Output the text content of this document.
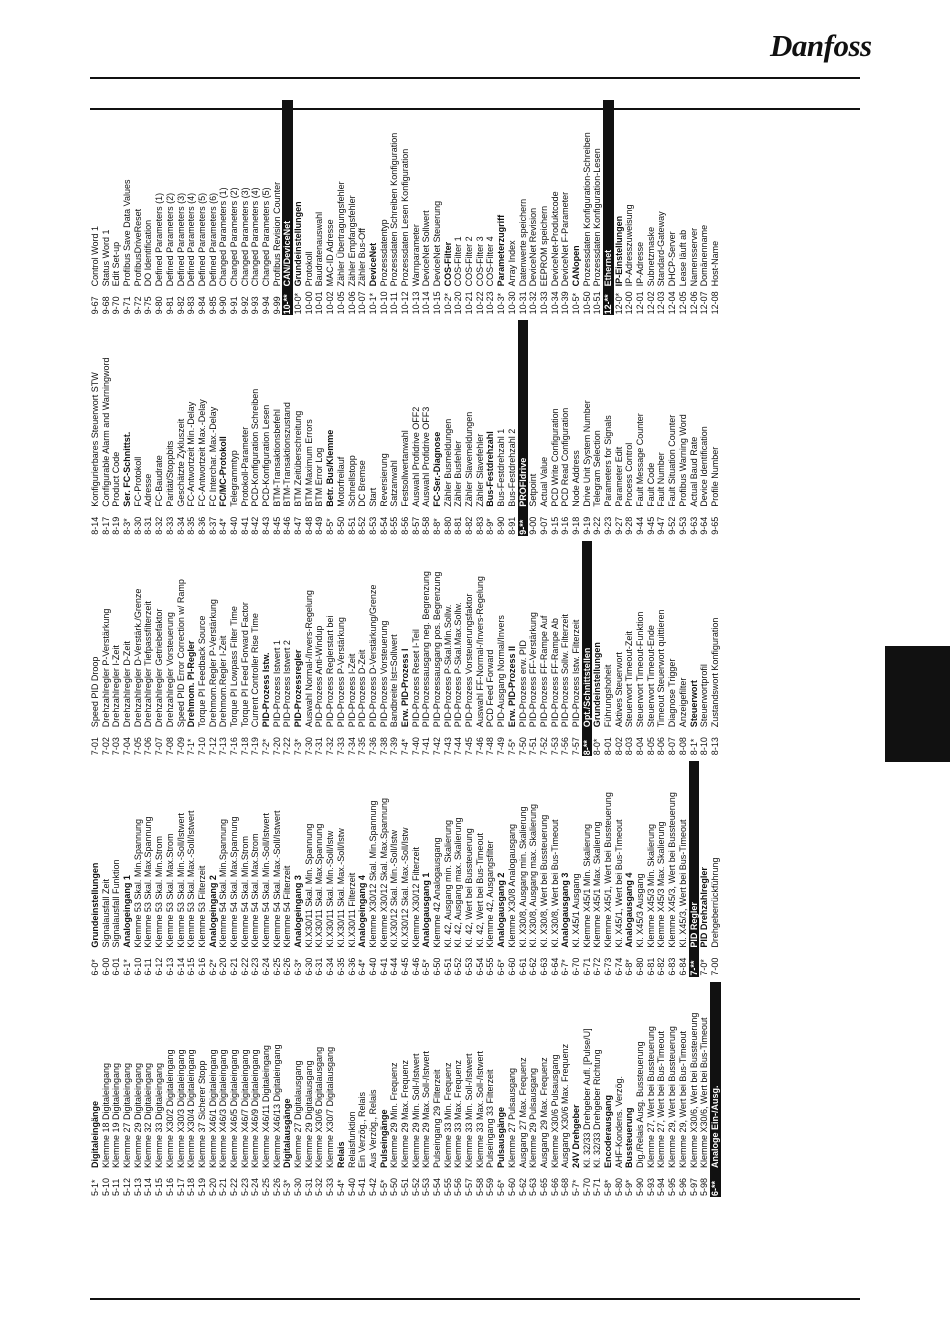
Danfoss
5-1*
Digitaleingänge
5-10
Klemme 18 Digitaleingang
5-11
Klemme 19 Digitaleingang
5-12
Klemme 27 Digitaleingang
5-13
Klemme 29 Digitaleingang
5-14
Klemme 32 Digitaleingang
5-15
Klemme 33 Digitaleingang
5-16
Klemme X30/2 Digitaleingang
5-17
Klemme X30/3 Digitaleingang
5-18
Klemme X30/4 Digitaleingang
5-19
Klemme 37 Sicherer Stopp
5-20
Klemme X46/1 Digitaleingang
5-21
Klemme X46/3 Digitaleingang
5-22
Klemme X46/5 Digitaleingang
5-23
Klemme X46/7 Digitaleingang
5-24
Klemme X46/9 Digitaleingang
5-25
Klemme X46/11 Digitaleingang
5-26
Klemme X46/13 Digitaleingang
5-3*
Digitalausgänge
5-30
Klemme 27 Digitalausgang
5-31
Klemme 29 Digitalausgang
5-32
Klemme X30/6 Digitalausgang
5-33
Klemme X30/7 Digitalausgang
5-4*
Relais
5-40
Relaisfunktion
5-41
Ein Verzög., Relais
5-42
Aus Verzög., Relais
5-5*
Pulseingänge
5-50
Klemme 29 Min. Frequenz
5-51
Klemme 29 Max. Frequenz
5-52
Klemme 29 Min. Soll-/Istwert
5-53
Klemme 29 Max. Soll-/Istwert
5-54
Pulseingang 29 Filterzeit
5-55
Klemme 33 Min. Frequenz
5-56
Klemme 33 Max. Frequenz
5-57
Klemme 33 Min. Soll-/Istwert
5-58
Klemme 33 Max. Soll-/Istwert
5-59
Pulseingang 33 Filterzeit
5-6*
Pulsausgänge
5-60
Klemme 27 Pulsausgang
5-62
Ausgang 27 Max. Frequenz
5-63
Klemme 29 Pulsausgang
5-65
Ausgang 29 Max. Frequenz
5-66
Klemme X30/6 Pulsausgang
5-68
Ausgang X30/6 Max. Frequenz
5-7*
24V Drehgeber
5-70
Kl. 32/33 Drehgeber Aufl. [Pulse/U]
5-71
Kl. 32/33 Drehgeber Richtung
5-8*
Encoderausgang
5-80
AHF-Kondens. Verzög.
5-9*
Bussteuerung
5-90
Dig./Relais Ausg. Bussteuerung
5-93
Klemme 27, Wert bei Bussteuerung
5-94
Klemme 27, Wert bei Bus-Timeout
5-95
Klemme 29, Wert bei Bussteuerung
5-96
Klemme 29, Wert bei Bus-Timeout
5-97
Klemme X30/6, Wert bei Bussteuerung
5-98
Klemme X30/6, Wert bei Bus-Timeout
6-**
Analoge Ein-/Ausg.
6-0*
Grundeinstellungen
6-00
Signalausfall Zeit
6-01
Signalausfall Funktion
6-1*
Analogeingang 1
6-10
Klemme 53 Skal. Min.Spannung
6-11
Klemme 53 Skal. Max.Spannung
6-12
Klemme 53 Skal. Min.Strom
6-13
Klemme 53 Skal. Max.Strom
6-14
Klemme 53 Skal. Min.-Soll/Istwert
6-15
Klemme 53 Skal. Max.-Soll/Istwert
6-16
Klemme 53 Filterzeit
6-2*
Analogeingang 2
6-20
Klemme 54 Skal. Min.Spannung
6-21
Klemme 54 Skal. Max.Spannung
6-22
Klemme 54 Skal. Min.Strom
6-23
Klemme 54 Skal. Max.Strom
6-24
Klemme 54 Skal. Min.-Soll/Istwert
6-25
Klemme 54 Skal. Max.-Soll/Istwert
6-26
Klemme 54 Filterzeit
6-3*
Analogeingang 3
6-30
Kl.X30/11 Skal. Min. Spannung
6-31
Kl.X30/11 Skal. Max.Spannung
6-34
Kl.X30/11 Skal. Min.-Soll/Istw
6-35
Kl.X30/11 Skal. Max.-Soll/Istw
6-36
Kl.X30/11 Filterzeit
6-4*
Analogeingang 4
6-40
Klemme X30/12 Skal. Min.Spannung
6-41
Klemme X30/12 Skal. Max.Spannung
6-44
Kl.X30/12 Skal. Min.-Soll/Istw
6-45
Kl.X30/12 Skal. Max.-Soll/Istw
6-46
Klemme X30/12 Filterzeit
6-5*
Analogausgang 1
6-50
Klemme 42 Analogausgang
6-51
Kl. 42, Ausgang min. Skalierung
6-52
Kl. 42, Ausgang max. Skalierung
6-53
Kl. 42, Wert bei Bussteuerung
6-54
Kl. 42, Wert bei Bus-Timeout
6-55
Klemme 42, Ausgangsfilter
6-6*
Analogausgang 2
6-60
Klemme X30/8 Analogausgang
6-61
Kl. X30/8, Ausgang min. Skalierung
6-62
Kl. X30/8, Ausgang max. Skalierung
6-63
Kl. X30/8, Wert bei Bussteuerung
6-64
Kl. X30/8, Wert bei Bus-Timeout
6-7*
Analogausgang 3
6-70
Kl. X45/1 Ausgang
6-71
Klemme X45/1 Min. Skalierung
6-72
Klemme X45/1 Max. Skalierung
6-73
Klemme X45/1, Wert bei Bussteuerung
6-74
Kl. X45/1, Wert bei Bus-Timeout
6-8*
Analogausgang 4
6-80
Kl. X45/3 Ausgang
6-81
Klemme X45/3 Min. Skalierung
6-82
Klemme X45/3 Max. Skalierung
6-83
Klemme X45/3, Wert bei Bussteuerung
6-84
Kl. X45/3, Wert bei Bus-Timeout
7-**
PID Regler
7-0*
PID Drehzahlregler
7-00
Drehgeberrückführung
7-01
Speed PID Droop
7-02
Drehzahlregler P-Verstärkung
7-03
Drehzahlregler I-Zeit
7-04
Drehzahlregler D-Zeit
7-05
Drehzahlregler D-Verstärk./Grenze
7-06
Drehzahlregler Tiefpassfilterzeit
7-07
Drehzahlregler Getriebefaktor
7-08
Drehzahlregler Vorsteuerung
7-09
Speed PID Error Correction w/ Ramp
7-1*
Drehmom. PI-Regler
7-10
Torque PI Feedback Source
7-12
Drehmom.Regler P-Verstärkung
7-13
Drehmom.Regler I-Zeit
7-16
Torque PI Lowpass Filter Time
7-18
Torque PI Feed Forward Factor
7-19
Current Controller Rise Time
7-2*
PID-Prozess Istw.
7-20
PID-Prozess Istwert 1
7-22
PID-Prozess Istwert 2
7-3*
PID-Prozessregler
7-30
Auswahl Normal-/Invers-Regelung
7-31
PID-Prozess Anti-Windup
7-32
PID-Prozess Reglerstart bei
7-33
PID-Prozess P-Verstärkung
7-34
PID-Prozess I-Zeit
7-35
PID-Prozess D-Zeit
7-36
PID-Prozess D-Verstärkung/Grenze
7-38
PID-Prozess Vorsteuerung
7-39
Bandbreite Ist=Sollwert
7-4*
Erw. PID-Prozess I
7-40
PID-Prozess Reset I-Teil
7-41
PID-Prozessausgang neg. Begrenzung
7-42
PID-Prozessausgang pos. Begrenzung
7-43
PID-Prozess P-Skal.Min.Sollw.
7-44
PID-Prozess P-Skal.Max.Sollw.
7-45
PID-Prozess Vorsteuerungsfaktor
7-46
Auswahl FF-Normal-/Invers-Regelung
7-48
PCD Feed Forward
7-49
PID-Ausgang Normal/Invers
7-5*
Erw. PID-Prozess II
7-50
PID-Prozess erw. PID
7-51
PID-Prozess FF-Verstärkung
7-52
PID-Prozess FF-Rampe Auf
7-53
PID-Prozess FF-Rampe Ab
7-56
PID-Prozess Sollw. Filterzeit
7-57
PID-Prozess Istw. Filterzeit
8-**
Opt./Schnittstellen
8-0*
Grundeinstellungen
8-01
Führungshoheit
8-02
Aktives Steuerwort
8-03
Steuerwort Timeout-Zeit
8-04
Steuerwort Timeout-Funktion
8-05
Steuerwort Timeout-Ende
8-06
Timeout Steuerwort quittieren
8-07
Diagnose Trigger
8-08
Anzeigefilter
8-1*
Steuerwort
8-10
Steuerwortprofil
8-13
Zustandswort Konfiguration
8-14
Konfigurierbares Steuerwort STW
8-17
Configurable Alarm and Warningword
8-19
Product Code
8-3*
Ser. FC-Schnittst.
8-30
FC-Protokoll
8-31
Adresse
8-32
FC-Baudrate
8-33
Parität/Stoppbits
8-34
Geschätzte Zykluszeit
8-35
FC-Antwortzeit Min.-Delay
8-36
FC-Antwortzeit Max.-Delay
8-37
FC Interchar. Max.-Delay
8-4*
FC/MC-Protokoll
8-40
Telegrammtyp
8-41
Protokoll-Parameter
8-42
PCD-Konfiguration Schreiben
8-43
PCD-Konfiguration Lesen
8-45
BTM-Transaktionsbefehl
8-46
BTM-Transaktionszustand
8-47
BTM Zeitüberschreitung
8-48
BTM Maximum Errors
8-49
BTM Error Log
8-5*
Betr. Bus/Klemme
8-50
Motorfreilauf
8-51
Schnellstopp
8-52
DC Bremse
8-53
Start
8-54
Reversierung
8-55
Satzanwahl
8-56
Festsollwertanwahl
8-57
Auswahl Profidrive OFF2
8-58
Auswahl Profidrive OFF3
8-8*
FC-Ser.-Diagnose
8-80
Zähler Busmeldungen
8-81
Zähler Busfehler
8-82
Zähler Slavemeldungen
8-83
Zähler Slavefehler
8-9*
Bus-Festdrehzahl
8-90
Bus-Festdrehzahl 1
8-91
Bus-Festdrehzahl 2
9-**
PROFIdrive
9-00
Setpoint
9-07
Actual Value
9-15
PCD Write Configuration
9-16
PCD Read Configuration
9-18
Node Address
9-19
Drive Unit System Number
9-22
Telegram Selection
9-23
Parameters for Signals
9-27
Parameter Edit
9-28
Process Control
9-44
Fault Message Counter
9-45
Fault Code
9-47
Fault Number
9-52
Fault Situation Counter
9-53
Profibus Warning Word
9-63
Actual Baud Rate
9-64
Device Identification
9-65
Profile Number
9-67
Control Word 1
9-68
Status Word 1
9-70
Edit Set-up
9-71
Profibus Save Data Values
9-72
ProfibusDriveReset
9-75
DO Identification
9-80
Defined Parameters (1)
9-81
Defined Parameters (2)
9-82
Defined Parameters (3)
9-83
Defined Parameters (4)
9-84
Defined Parameters (5)
9-85
Defined Parameters (6)
9-90
Changed Parameters (1)
9-91
Changed Parameters (2)
9-92
Changed Parameters (3)
9-93
Changed Parameters (4)
9-94
Changed Parameters (5)
9-99
Profibus Revision Counter
10-**
CAN/DeviceNet
10-0*
Grundeinstellungen
10-00
Protokoll
10-01
Baudratenauswahl
10-02
MAC-ID Adresse
10-05
Zähler Übertragungsfehler
10-06
Zähler Empfangsfehler
10-07
Zähler Bus-Off
10-1*
DeviceNet
10-10
Prozessdatentyp
10-11
Prozessdaten Schreiben Konfiguration
10-12
Prozessdaten Lesen Konfiguration
10-13
Warnparameter
10-14
DeviceNet Sollwert
10-15
DeviceNet Steuerung
10-2*
COS-Filter
10-20
COS-Filter 1
10-21
COS-Filter 2
10-22
COS-Filter 3
10-23
COS-Filter 4
10-3*
Parameterzugriff
10-30
Array Index
10-31
Datenwerte speichern
10-32
DeviceNet Revision
10-33
EEPROM speichern
10-34
DeviceNet-Produktcode
10-39
DeviceNet F-Parameter
10-5*
CANopen
10-50
Prozessdaten Konfiguration-Schreiben
10-51
Prozessdaten Konfiguration-Lesen
12-**
Ethernet
12-0*
IP-Einstellungen
12-00
IP-Adresszuweisung
12-01
IP-Adresse
12-02
Subnetzmaske
12-03
Standard-Gateway
12-04
DHCP-Server
12-05
Lease läuft ab
12-06
Namensserver
12-07
Domänenname
12-08
Host-Name
